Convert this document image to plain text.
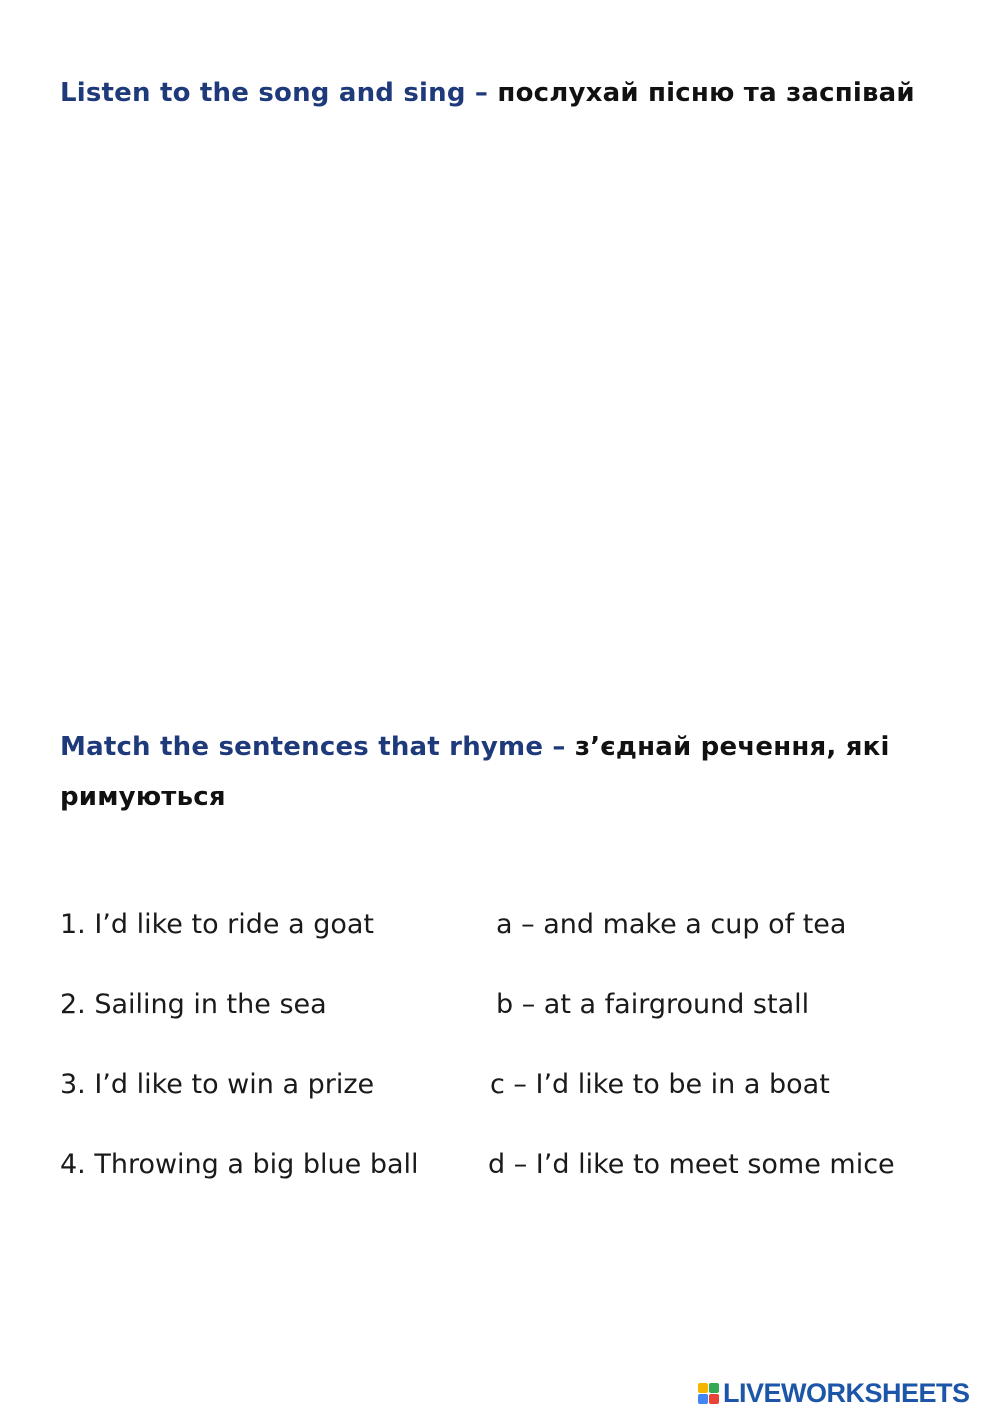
Listen to the song and sing – послухай пісню та заспівай
Match the sentences that rhyme – з’єднай речення, які римуються
1. I’d like to ride a goat	a – and make a cup of tea
2. Sailing in the sea	b – at a fairground stall
3. I’d like to win a prize	c – I’d like to be in a boat
4. Throwing a big blue ball	d – I’d like to meet some mice
LIVEWORKSHEETS
